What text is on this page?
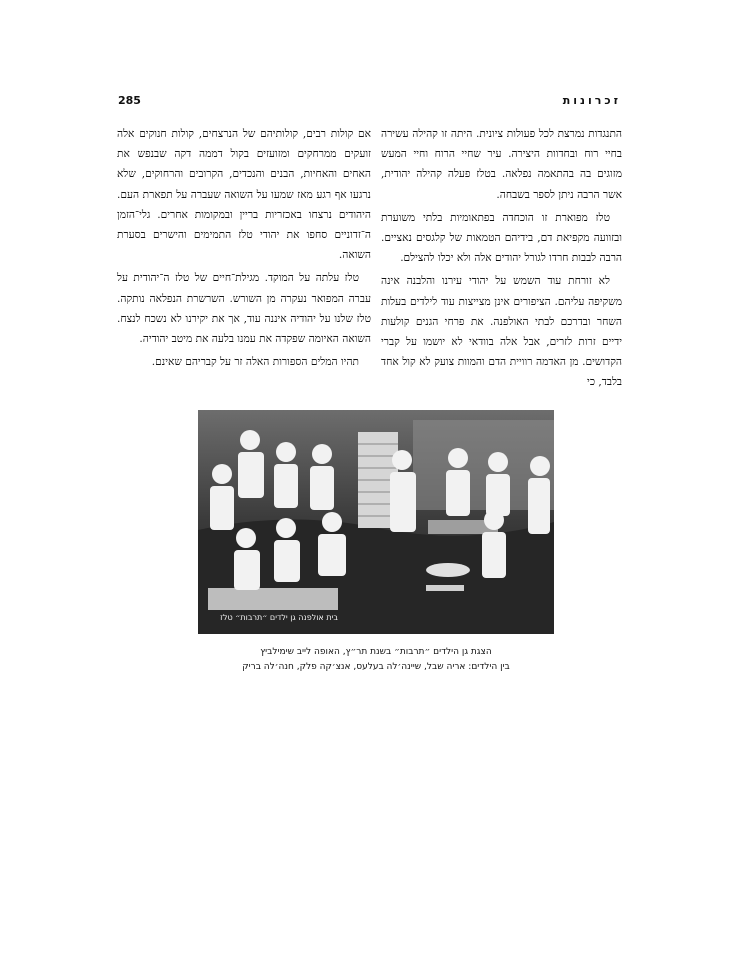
285	זכרונות

התנגדות נמרצת לכל פעולות ציונית. היתה זו קהילה עשירה בחיי רוח ובחדוות היצירה. עיר שחיי הרוח וחיי המעש מזוגים בה בהתאמה נפלאה. בטלז פעלה קהילה יהודית, אשר הרבה ניתן לספר בשבחה.

טלז מפוארת זו הוכחדה בפתאומיות בלתי משוערת ובזוועה מקפיאת דם, בידיהם הטמאות של קלגסים נאציים. הרבה לבבות חרדו לגורל יהודים אלה ולא יכלו להצילם.

לא זורחת עוד השמש על יהודי עירנו והלבנה אינה משקיפה עליהם. הציפורים אינן מצייצות עוד לילדים בעלות השחר ובדרכם לבתי האולפנה. את פרחי הגנים קולעות ידיים זרות לזרים, אבל אלה בוודאי לא יושמו על קברי הקדושים. מן האדמה רוויית הדם והמוות צועק לא קול אחד בלבד, כי

אם קולות רבים, קולותיהם של הנרצחים, קולות חנוקים אלה זועקים ממרחקים ומזועזים בקול דממה דקה שבנפש את האחים והאחיות, הבנים והנכדים, הקרובים והרחוקים, שלא נרגעו אף רגע מאז שמעו על השואה שעברה על תפארת העם. היהודים נרצחו באכזריות בריין ובמקומות אחרים. גלי־הזמן ה־זדוניים סחפו את יהודי טלז התמימים והישרים בסערת השואה.

טלז עלתה על המוקד. מגילת־חיים של טלז ה־יהודית על עברה המפואר נעקרה מן השורש. השרשרת הנפלאה נותקה. טלז שלנו על יהודיה איננה עוד, אך את יקירנו לא נשכח לנצח. השואה האיומה שפקדה את עמנו בלעה את מיטב יהודיה.

תהיו המלים הספורות האלה זר על קבריהם שאינם.

בית אולפנה גן ילדים ״תרבות״ טלז
הצגת גן הילדים ״תרבות״ בשנת תר״ץ, האופה לייב שימילביץ
בין הילדים: אריה שבל, שיינה׳לה בעלעס, אנצ׳קה פלק, חנה׳לה בריק
